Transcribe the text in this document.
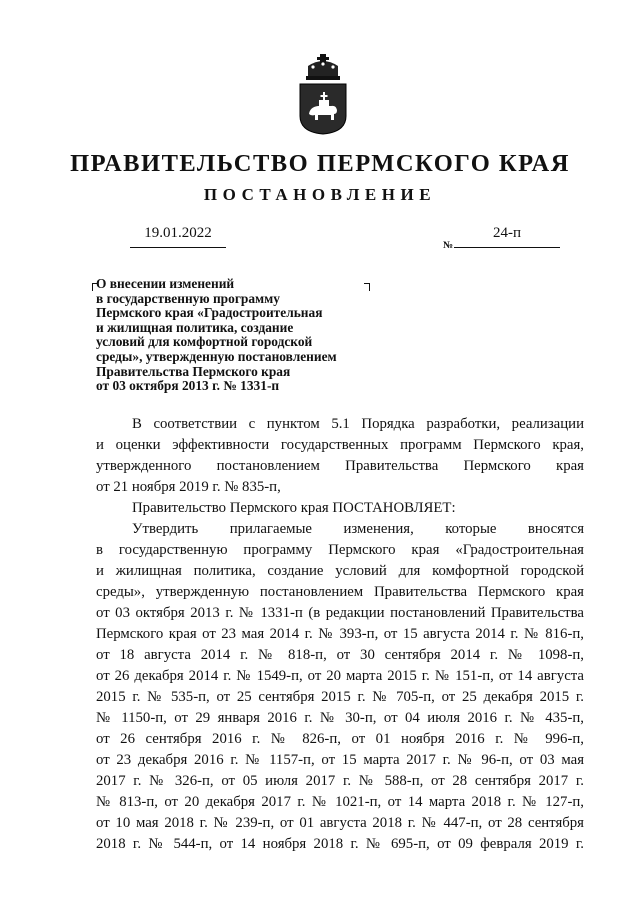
ПРАВИТЕЛЬСТВО ПЕРМСКОГО КРАЯ
ПОСТАНОВЛЕНИЕ
19.01.2022
№
24-п
О внесении изменений
в государственную программу
Пермского края «Градостроительная
и жилищная политика, создание
условий для комфортной городской
среды», утвержденную постановлением
Правительства Пермского края
от 03 октября 2013 г. № 1331-п
В соответствии с пунктом 5.1 Порядка разработки, реализации
и оценки эффективности государственных программ Пермского края,
утвержденного постановлением Правительства Пермского края
от 21 ноября 2019 г. № 835-п,
Правительство Пермского края ПОСТАНОВЛЯЕТ:
Утвердить прилагаемые изменения, которые вносятся
в государственную программу Пермского края «Градостроительная
и жилищная политика, создание условий для комфортной городской
среды», утвержденную постановлением Правительства Пермского края
от 03 октября 2013 г. № 1331-п (в редакции постановлений Правительства
Пермского края от 23 мая 2014 г. № 393-п, от 15 августа 2014 г. № 816-п,
от 18 августа 2014 г. № 818-п, от 30 сентября 2014 г. № 1098-п,
от 26 декабря 2014 г. № 1549-п, от 20 марта 2015 г. № 151-п, от 14 августа
2015 г. № 535-п, от 25 сентября 2015 г. № 705-п, от 25 декабря 2015 г.
№ 1150-п, от 29 января 2016 г. № 30-п, от 04 июля 2016 г. № 435-п,
от 26 сентября 2016 г. № 826-п, от 01 ноября 2016 г. № 996-п,
от 23 декабря 2016 г. № 1157-п, от 15 марта 2017 г. № 96-п, от 03 мая
2017 г. № 326-п, от 05 июля 2017 г. № 588-п, от 28 сентября 2017 г.
№ 813-п, от 20 декабря 2017 г. № 1021-п, от 14 марта 2018 г. № 127-п,
от 10 мая 2018 г. № 239-п, от 01 августа 2018 г. № 447-п, от 28 сентября
2018 г. № 544-п, от 14 ноября 2018 г. № 695-п, от 09 февраля 2019 г.
